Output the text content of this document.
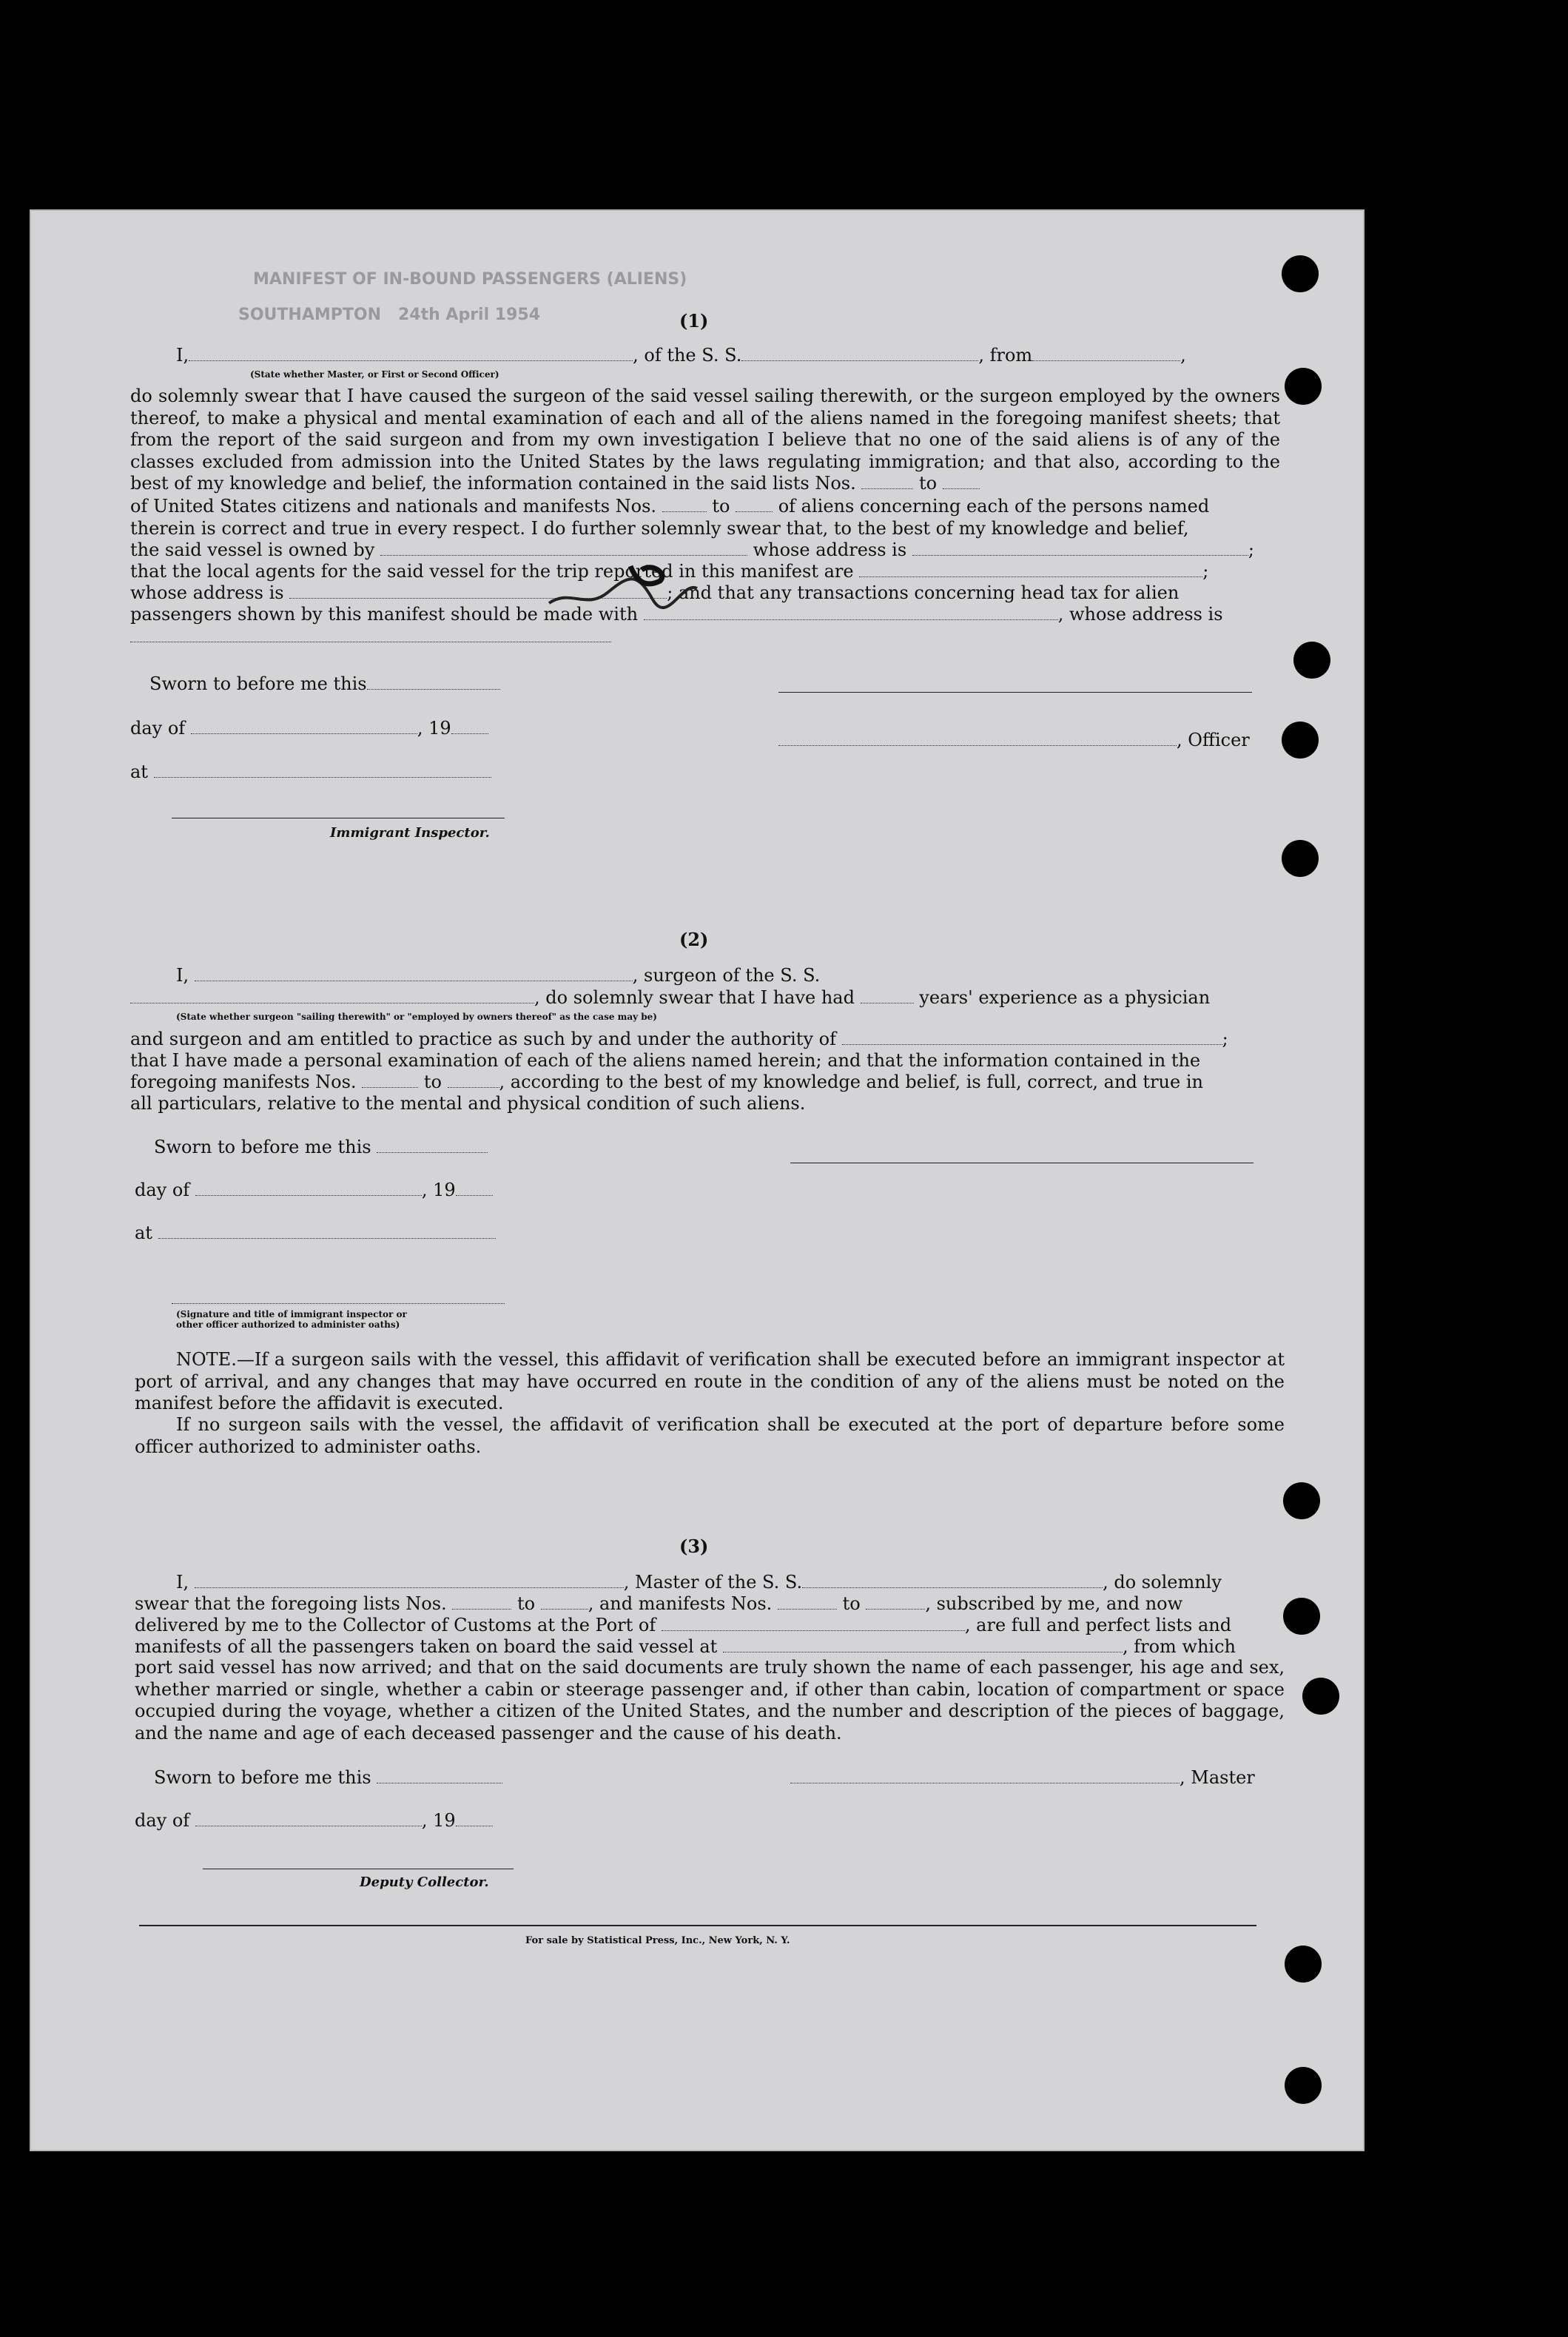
MANIFEST OF IN-BOUND PASSENGERS (ALIENS)
SOUTHAMPTON   24th April 1954	(1)
I,	, of the S. S.	, from	,
(State whether Master, or First or Second Officer)
do solemnly swear that I have caused the surgeon of the said vessel sailing therewith, or the surgeon employed by the owners thereof, to make a physical and mental examination of each and all of the aliens named in the foregoing manifest sheets; that from the report of the said surgeon and from my own investigation I believe that no one of the said aliens is of any of the classes excluded from admission into the United States by the laws regulating immigration; and that also, according to the best of my knowledge and belief, the information contained in the said lists Nos.	to
of United States citizens and nationals and manifests Nos.	to	of aliens concerning each of the persons named
therein is correct and true in every respect. I do further solemnly swear that, to the best of my knowledge and belief,
the said vessel is owned by	whose address is	;
that the local agents for the said vessel for the trip reported in this manifest are	;
whose address is	; and that any transactions concerning head tax for alien
passengers shown by this manifest should be made with	, whose address is
Sworn to before me this
day of	, 19
, Officer
at
Immigrant Inspector.
(2)
I,	, surgeon of the S. S.
, do solemnly swear that I have had	years' experience as a physician
(State whether surgeon "sailing therewith" or "employed by owners thereof" as the case may be)
and surgeon and am entitled to practice as such by and under the authority of	;
that I have made a personal examination of each of the aliens named herein; and that the information contained in the
foregoing manifests Nos.	to	, according to the best of my knowledge and belief, is full, correct, and true in
all particulars, relative to the mental and physical condition of such aliens.
Sworn to before me this
day of	, 19
at
(Signature and title of immigrant inspector or
other officer authorized to administer oaths)
NOTE.—If a surgeon sails with the vessel, this affidavit of verification shall be executed before an immigrant inspector at port of arrival, and any changes that may have occurred en route in the condition of any of the aliens must be noted on the manifest before the affidavit is executed.
If no surgeon sails with the vessel, the affidavit of verification shall be executed at the port of departure before some officer authorized to administer oaths.
(3)
I,	, Master of the S. S.	, do solemnly
swear that the foregoing lists Nos.	to	, and manifests Nos.	to	, subscribed by me, and now
delivered by me to the Collector of Customs at the Port of	, are full and perfect lists and
manifests of all the passengers taken on board the said vessel at	, from which
port said vessel has now arrived; and that on the said documents are truly shown the name of each passenger, his age and sex, whether married or single, whether a cabin or steerage passenger and, if other than cabin, location of compartment or space occupied during the voyage, whether a citizen of the United States, and the number and description of the pieces of baggage, and the name and age of each deceased passenger and the cause of his death.
Sworn to before me this	, Master
day of	, 19
Deputy Collector.
For sale by Statistical Press, Inc., New York, N. Y.
